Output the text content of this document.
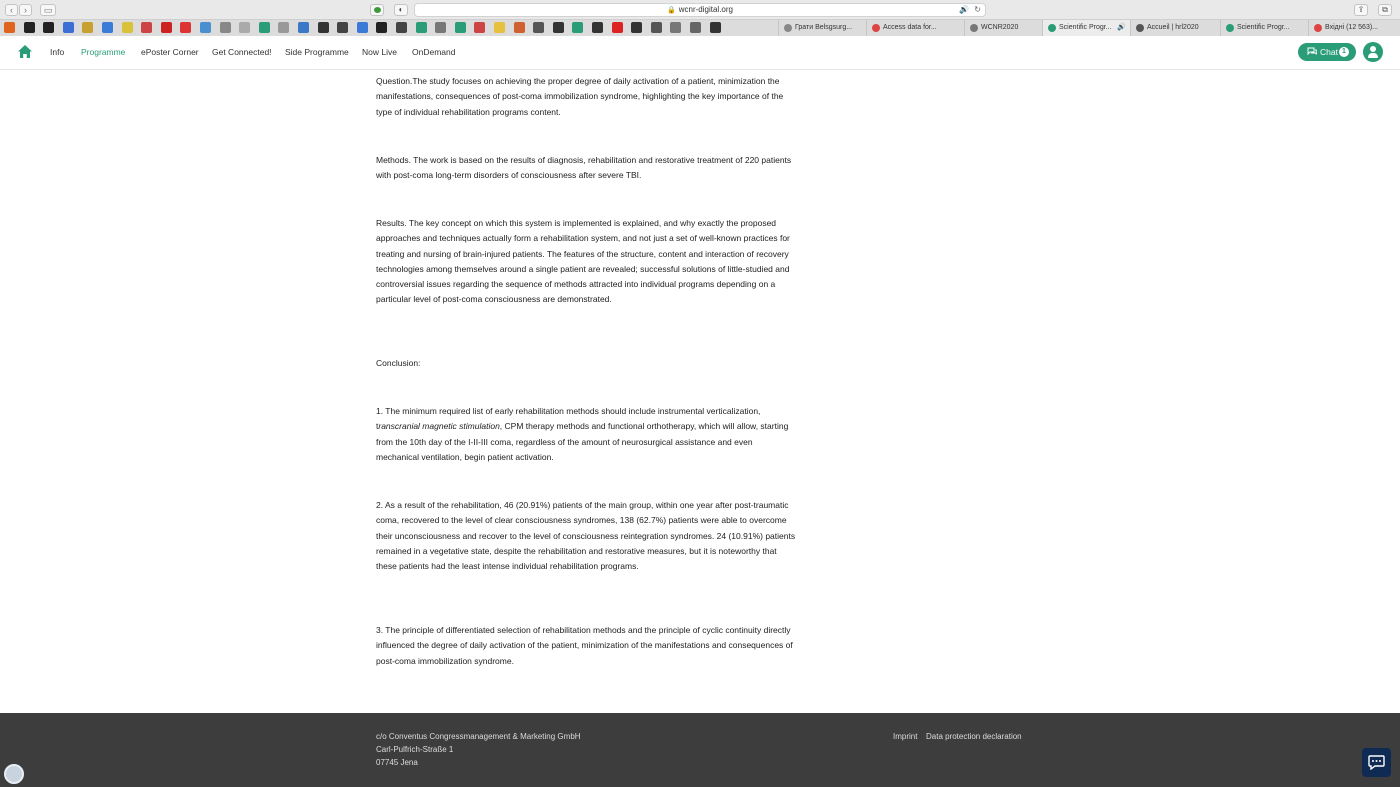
‹	›	▭	◐	🔒 wcnr-digital.org	🔊 ↻	⇪	⧉
Грати Belsgsurg...	Access data for...	WCNR2020	Scientific Progr... 🔊	Accueil | hrl2020	Scientific Progr...	Вхідні (12 563)...
Info Programme ePoster Corner Get Connected! Side Programme Now Live OnDemand	Chat 1

Question.The study focuses on achieving the proper degree of daily activation of a patient, minimization the manifestations, consequences of post-coma immobilization syndrome, highlighting the key importance of the type of individual rehabilitation programs content.

Methods. The work is based on the results of diagnosis, rehabilitation and restorative treatment of 220 patients with post-coma long-term disorders of consciousness after severe TBI.

Results. The key concept on which this system is implemented is explained, and why exactly the proposed approaches and techniques actually form a rehabilitation system, and not just a set of well-known practices for treating and nursing of brain-injured patients. The features of the structure, content and interaction of recovery technologies among themselves around a single patient are revealed; successful solutions of little-studied and controversial issues regarding the sequence of methods attracted into individual programs depending on a particular level of post-coma consciousness are demonstrated.

Conclusion:

1. The minimum required list of early rehabilitation methods should include instrumental verticalization, transcranial magnetic stimulation, CPM therapy methods and functional orthotherapy, which will allow, starting from the 10th day of the I-II-III coma, regardless of the amount of neurosurgical assistance and even mechanical ventilation, begin patient activation.

2. As a result of the rehabilitation, 46 (20.91%) patients of the main group, within one year after post-traumatic coma, recovered to the level of clear consciousness syndromes, 138 (62.7%) patients were able to overcome their unconsciousness and recover to the level of consciousness reintegration syndromes. 24 (10.91%) patients remained in a vegetative state, despite the rehabilitation and restorative measures, but it is noteworthy that these patients had the least intense individual rehabilitation programs.

3. The principle of differentiated selection of rehabilitation methods and the principle of cyclic continuity directly influenced the degree of daily activation of the patient, minimization of the manifestations and consequences of post-coma immobilization syndrome.

c/o Conventus Congressmanagement & Marketing GmbH
Carl-Pulfrich-Straße 1
07745 Jena
Imprint Data protection declaration
